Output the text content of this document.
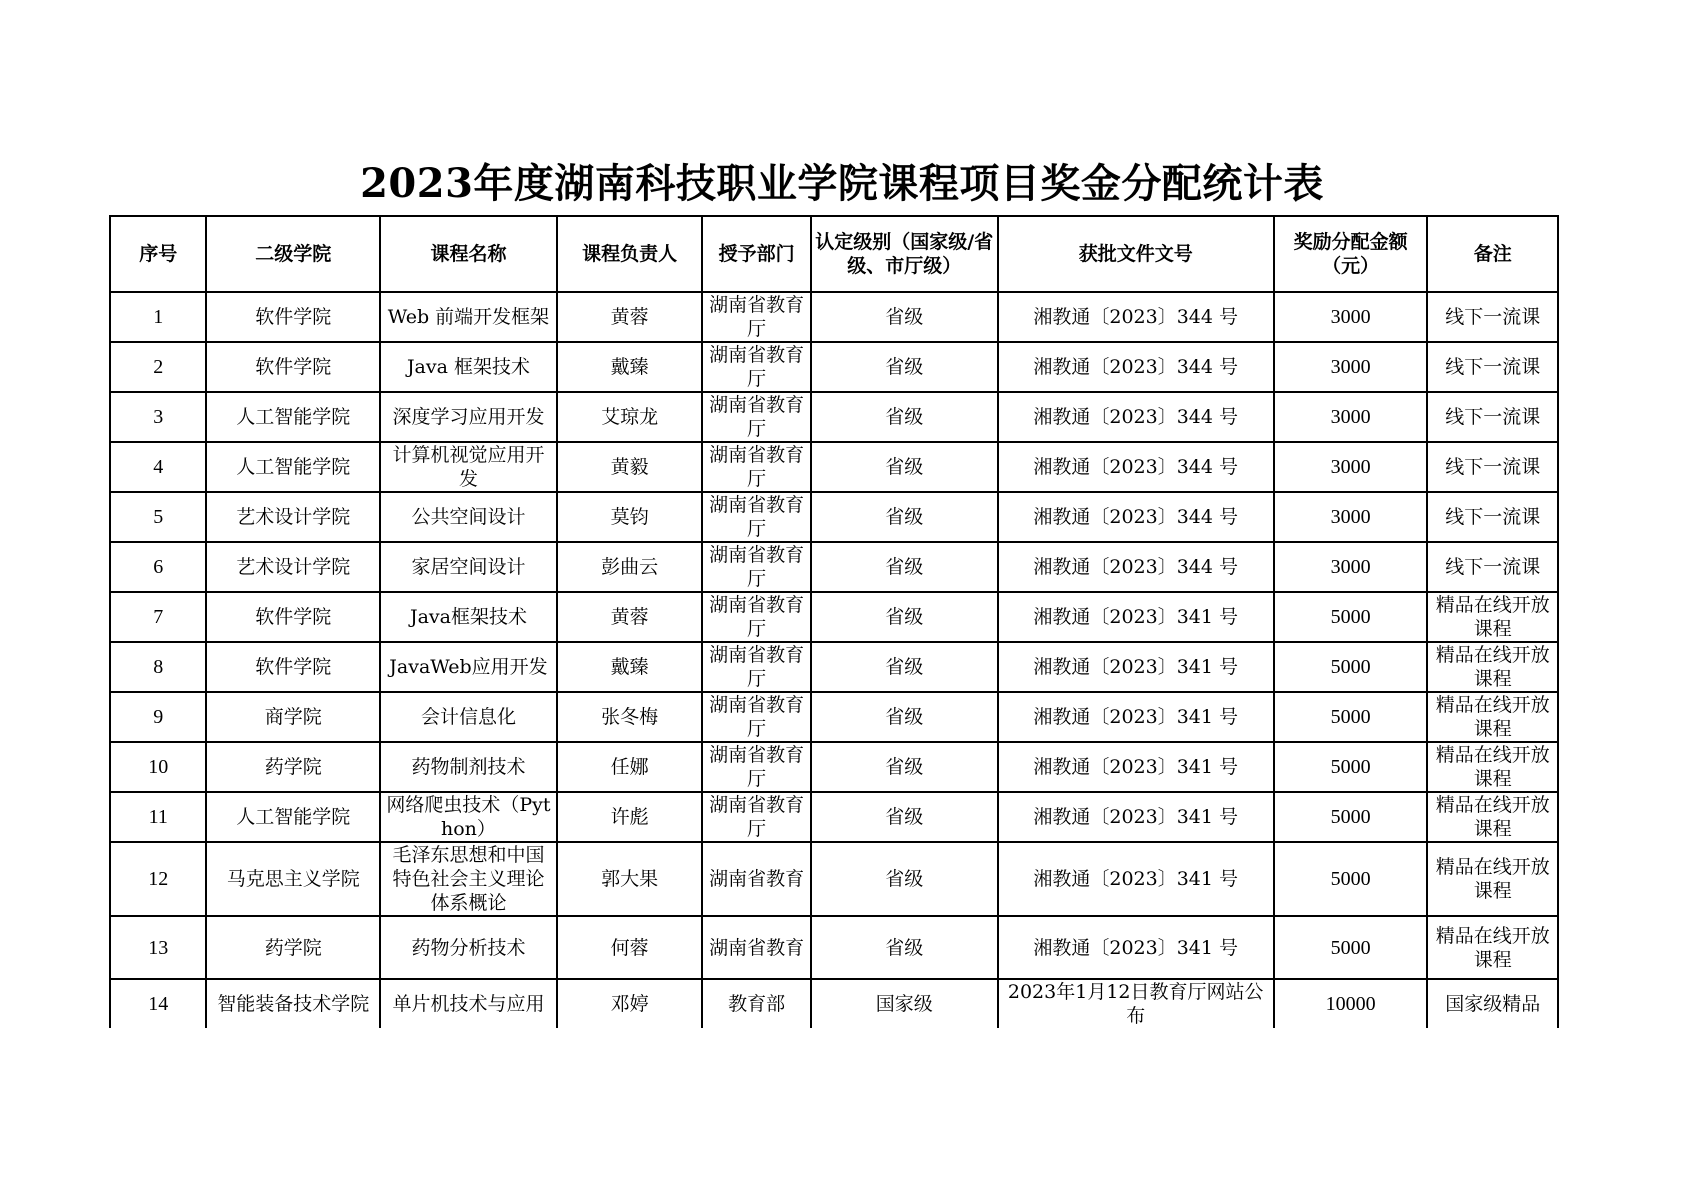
2023年度湖南科技职业学院课程项目奖金分配统计表
序号	二级学院	课程名称	课程负责人	授予部门	认定级别（国家级/省级、市厅级）	获批文件文号	奖励分配金额（元）	备注
1	软件学院	Web 前端开发框架	黄蓉	湖南省教育厅	省级	湘教通〔2023〕344 号	3000	线下一流课
2	软件学院	Java 框架技术	戴臻	湖南省教育厅	省级	湘教通〔2023〕344 号	3000	线下一流课
3	人工智能学院	深度学习应用开发	艾琼龙	湖南省教育厅	省级	湘教通〔2023〕344 号	3000	线下一流课
4	人工智能学院	计算机视觉应用开发	黄毅	湖南省教育厅	省级	湘教通〔2023〕344 号	3000	线下一流课
5	艺术设计学院	公共空间设计	莫钧	湖南省教育厅	省级	湘教通〔2023〕344 号	3000	线下一流课
6	艺术设计学院	家居空间设计	彭曲云	湖南省教育厅	省级	湘教通〔2023〕344 号	3000	线下一流课
7	软件学院	Java框架技术	黄蓉	湖南省教育厅	省级	湘教通〔2023〕341 号	5000	精品在线开放课程
8	软件学院	JavaWeb应用开发	戴臻	湖南省教育厅	省级	湘教通〔2023〕341 号	5000	精品在线开放课程
9	商学院	会计信息化	张冬梅	湖南省教育厅	省级	湘教通〔2023〕341 号	5000	精品在线开放课程
10	药学院	药物制剂技术	任娜	湖南省教育厅	省级	湘教通〔2023〕341 号	5000	精品在线开放课程
11	人工智能学院	网络爬虫技术（Python）	许彪	湖南省教育厅	省级	湘教通〔2023〕341 号	5000	精品在线开放课程
12	马克思主义学院	毛泽东思想和中国特色社会主义理论体系概论	郭大果	湖南省教育	省级	湘教通〔2023〕341 号	5000	精品在线开放课程
13	药学院	药物分析技术	何蓉	湖南省教育	省级	湘教通〔2023〕341 号	5000	精品在线开放课程
14	智能装备技术学院	单片机技术与应用	邓婷	教育部	国家级	2023年1月12日教育厅网站公布	10000	国家级精品
